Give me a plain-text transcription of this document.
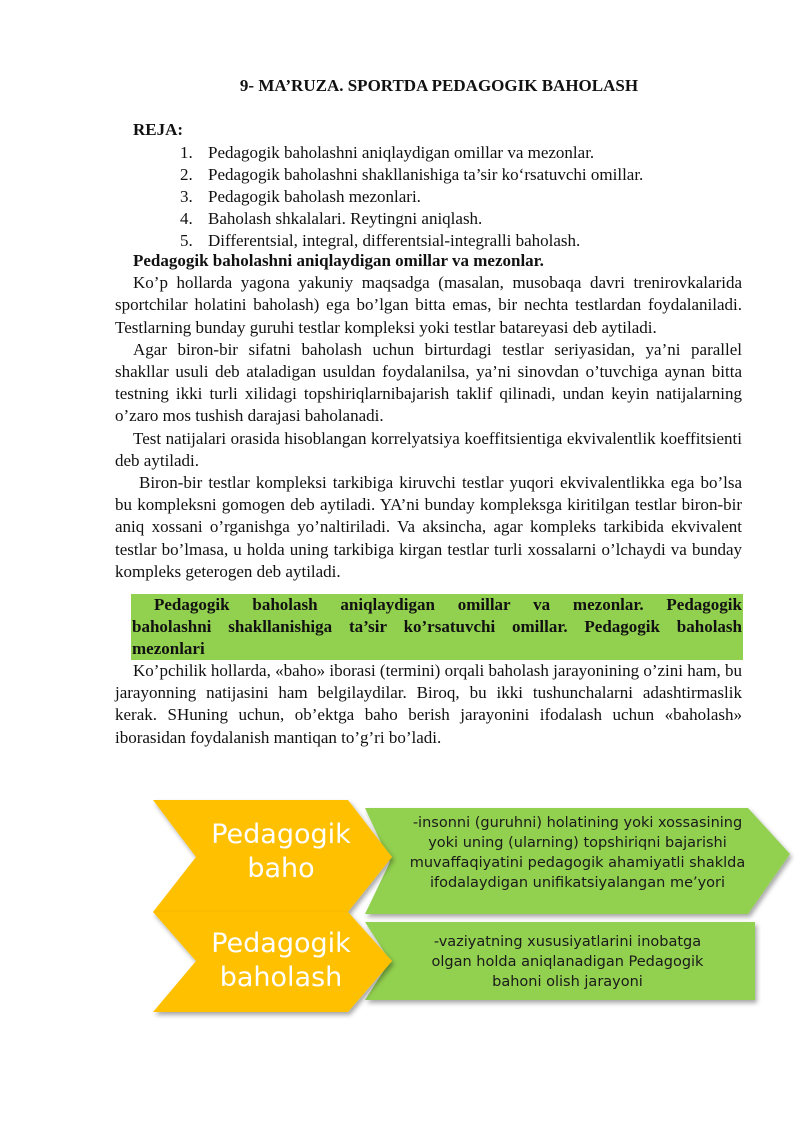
9- MA’RUZA. SPORTDA PEDAGOGIK BAHOLASH
REJA:
1. Pedagogik baholashni aniqlaydigan omillar va mezonlar.
2. Pedagogik baholashni shakllanishiga ta’sir ko‘rsatuvchi omillar.
3. Pedagogik baholash mezonlari.
4. Baholash shkalalari. Reytingni aniqlash.
5. Differentsial, integral, differentsial-integralli baholash.

Pedagogik baholashni aniqlaydigan omillar va mezonlar.

Ko’p hollarda yagona yakuniy maqsadga (masalan, musobaqa davri trenirovkalarida sportchilar holatini baholash) ega bo’lgan bitta emas, bir nechta testlardan foydalaniladi. Testlarning bunday guruhi testlar kompleksi yoki testlar batareyasi deb aytiladi.

Agar biron-bir sifatni baholash uchun birturdagi testlar seriyasidan, ya’ni parallel shakllar usuli deb ataladigan usuldan foydalanilsa, ya’ni sinovdan o’tuvchiga aynan bitta testning ikki turli xilidagi topshiriqlarnibajarish taklif qilinadi, undan keyin natijalarning o’zaro mos tushish darajasi baholanadi.

Test natijalari orasida hisoblangan korrelyatsiya koeffitsientiga ekvivalentlik koeffitsienti deb aytiladi.

Biron-bir testlar kompleksi tarkibiga kiruvchi testlar yuqori ekvivalentlikka ega bo’lsa bu kompleksni gomogen deb aytiladi. YA’ni bunday kompleksga kiritilgan testlar biron-bir aniq xossani o’rganishga yo’naltiriladi. Va aksincha, agar kompleks tarkibida ekvivalent testlar bo’lmasa, u holda uning tarkibiga kirgan testlar turli xossalarni o’lchaydi va bunday kompleks geterogen deb aytiladi.

Pedagogik baholash aniqlaydigan omillar va mezonlar. Pedagogik
baholashni shakllanishiga ta’sir ko’rsatuvchi omillar. Pedagogik baholash
mezonlari

Ko’pchilik hollarda, «baho» iborasi (termini) orqali baholash jarayonining o’zini ham, bu jarayonning natijasini ham belgilaydilar. Biroq, bu ikki tushunchalarni adashtirmaslik kerak. SHuning uchun, ob’ektga baho berish jarayonini ifodalash uchun «baholash» iborasidan foydalanish mantiqan to’g’ri bo’ladi.

Pedagogik
baho
-insonni (guruhni) holatining yoki xossasining
yoki uning (ularning) topshiriqni bajarishi
muvaffaqiyatini pedagogik ahamiyatli shaklda
ifodalaydigan unifikatsiyalangan me’yori
Pedagogik
baholash
-vaziyatning xususiyatlarini inobatga
olgan holda aniqlanadigan Pedagogik
bahoni olish jarayoni
